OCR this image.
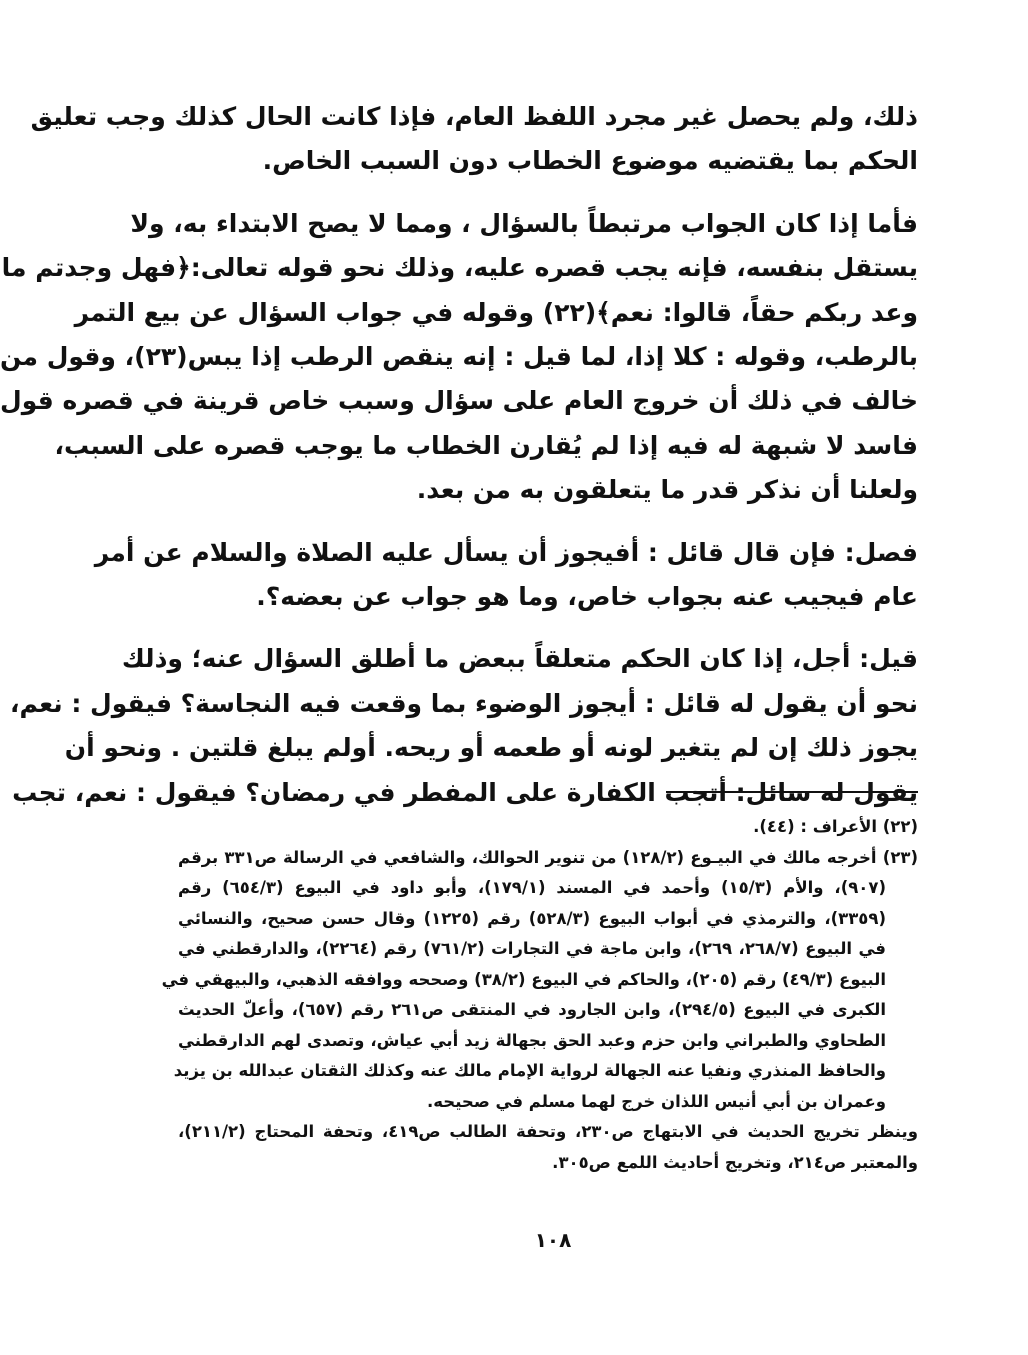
ذلك، ولم يحصل غير مجرد اللفظ العام، فإذا كانت الحال كذلك وجب تعليق
الحكم بما يقتضيه موضوع الخطاب دون السبب الخاص.

فأما إذا كان الجواب مرتبطاً بالسؤال ، ومما لا يصح الابتداء به، ولا
يستقل بنفسه، فإنه يجب قصره عليه، وذلك نحو قوله تعالى:﴿فهل وجدتم ما
وعد ربكم حقاً، قالوا: نعم﴾(٢٢) وقوله في جواب السؤال عن بيع التمر
بالرطب، وقوله : كلا إذا، لما قيل : إنه ينقص الرطب إذا يبس(٢٣)، وقول من
خالف في ذلك أن خروج العام على سؤال وسبب خاص قرينة في قصره قول
فاسد لا شبهة له فيه إذا لم يُقارن الخطاب ما يوجب قصره على السبب،
ولعلنا أن نذكر قدر ما يتعلقون به من بعد.

فصل: فإن قال قائل : أفيجوز أن يسأل عليه الصلاة والسلام عن أمر
عام فيجيب عنه بجواب خاص، وما هو جواب عن بعضه؟.

قيل: أجل، إذا كان الحكم متعلقاً ببعض ما أطلق السؤال عنه؛ وذلك
نحو أن يقول له قائل : أيجوز الوضوء بما وقعت فيه النجاسة؟ فيقول : نعم،
يجوز ذلك إن لم يتغير لونه أو طعمه أو ريحه. أولم يبلغ قلتين . ونحو أن
يقول له سائل: أتجب الكفارة على المفطر في رمضان؟ فيقول : نعم، تجب

(٢٢) الأعراف : (٤٤).
(٢٣) أخرجه مالك في البيـوع (١٢٨/٢) من تنوير الحوالك، والشافعي في الرسالة ص٣٣١ برقم
(٩٠٧)، والأم (١٥/٣) وأحمد في المسند (١٧٩/١)، وأبو داود في البيوع (٦٥٤/٣) رقم
(٣٣٥٩)، والترمذي في أبواب البيوع (٥٢٨/٣) رقم (١٢٢٥) وقال حسن صحيح، والنسائي
في البيوع (٢٦٨/٧، ٢٦٩)، وابن ماجة في التجارات (٧٦١/٢) رقم (٢٢٦٤)، والدارقطني في
البيوع (٤٩/٣) رقم (٢٠٥)، والحاكم في البيوع (٣٨/٢) وصححه ووافقه الذهبي، والبيهقي في
الكبرى في البيوع (٢٩٤/٥)، وابن الجارود في المنتقى ص٢٦١ رقم (٦٥٧)، وأعلّ الحديث
الطحاوي والطبراني وابن حزم وعبد الحق بجهالة زيد أبي عياش، وتصدى لهم الدارقطني
والحافظ المنذري ونفيا عنه الجهالة لرواية الإمام مالك عنه وكذلك الثقتان عبدالله بن يزيد
وعمران بن أبي أنيس اللذان خرج لهما مسلم في صحيحه.
وينظر تخريج الحديث في الابتهاج ص٢٣٠، وتحفة الطالب ص٤١٩، وتحفة المحتاج (٢١١/٢)،
والمعتبر ص٢١٤، وتخريج أحاديث اللمع ص٣٠٥.
١٠٨
